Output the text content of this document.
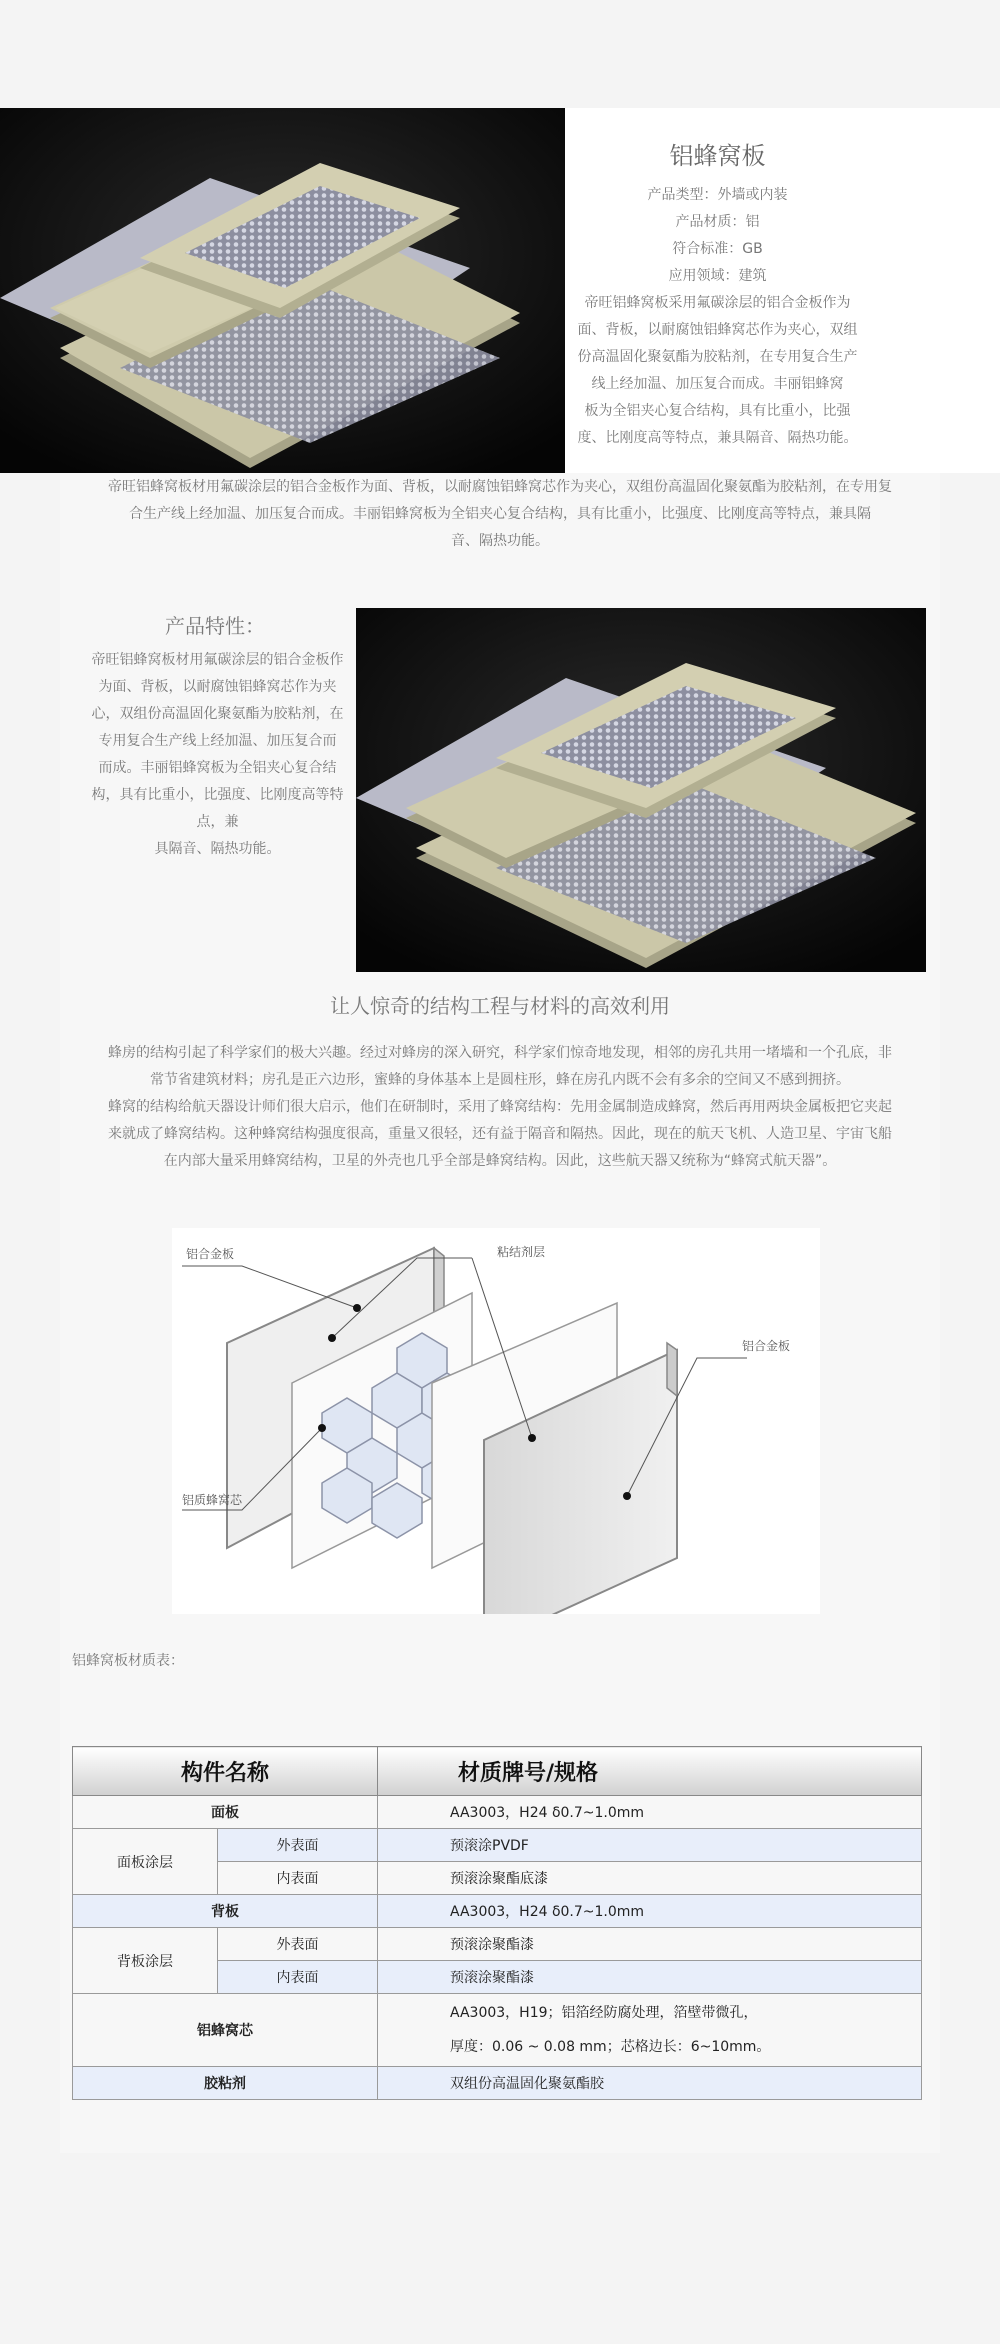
铝蜂窝板
产品类型：外墙或内装
产品材质：铝
符合标准：GB
应用领域：建筑
帝旺铝蜂窝板采用氟碳涂层的铝合金板作为
面、背板，以耐腐蚀铝蜂窝芯作为夹心，双组
份高温固化聚氨酯为胶粘剂，在专用复合生产
线上经加温、加压复合而成。丰丽铝蜂窝
板为全铝夹心复合结构，具有比重小，比强
度、比刚度高等特点，兼具隔音、隔热功能。
帝旺铝蜂窝板材用氟碳涂层的铝合金板作为面、背板，以耐腐蚀铝蜂窝芯作为夹心，双组份高温固化聚氨酯为胶粘剂，在专用复
合生产线上经加温、加压复合而成。丰丽铝蜂窝板为全铝夹心复合结构，具有比重小，比强度、比刚度高等特点，兼具隔
音、隔热功能。
产品特性：
帝旺铝蜂窝板材用氟碳涂层的铝合金板作
为面、背板，以耐腐蚀铝蜂窝芯作为夹
心，双组份高温固化聚氨酯为胶粘剂，在
专用复合生产线上经加温、加压复合而
而成。丰丽铝蜂窝板为全铝夹心复合结
构，具有比重小，比强度、比刚度高等特
点，兼
具隔音、隔热功能。
让人惊奇的结构工程与材料的高效利用
蜂房的结构引起了科学家们的极大兴趣。经过对蜂房的深入研究，科学家们惊奇地发现，相邻的房孔共用一堵墙和一个孔底，非
常节省建筑材料；房孔是正六边形，蜜蜂的身体基本上是圆柱形，蜂在房孔内既不会有多余的空间又不感到拥挤。
蜂窝的结构给航天器设计师们很大启示，他们在研制时，采用了蜂窝结构：先用金属制造成蜂窝，然后再用两块金属板把它夹起
来就成了蜂窝结构。这种蜂窝结构强度很高，重量又很轻，还有益于隔音和隔热。因此，现在的航天飞机、人造卫星、宇宙飞船
在内部大量采用蜂窝结构，卫星的外壳也几乎全部是蜂窝结构。因此，这些航天器又统称为“蜂窝式航天器”。
铝合金板	粘结剂层
铝合金板
铝质蜂窝芯
铝蜂窝板材质表：
构件名称		材质牌号/规格
面板		AA3003，H24 δ0.7~1.0mm
面板涂层	外表面	预滚涂PVDF
	内表面	预滚涂聚酯底漆
背板		AA3003，H24 δ0.7~1.0mm
背板涂层	外表面	预滚涂聚酯漆
	内表面	预滚涂聚酯漆
铝蜂窝芯		AA3003，H19；铝箔经防腐处理，箔壁带微孔，
厚度：0.06 ~ 0.08 mm；芯格边长：6~10mm。

胶粘剂		双组份高温固化聚氨酯胶
